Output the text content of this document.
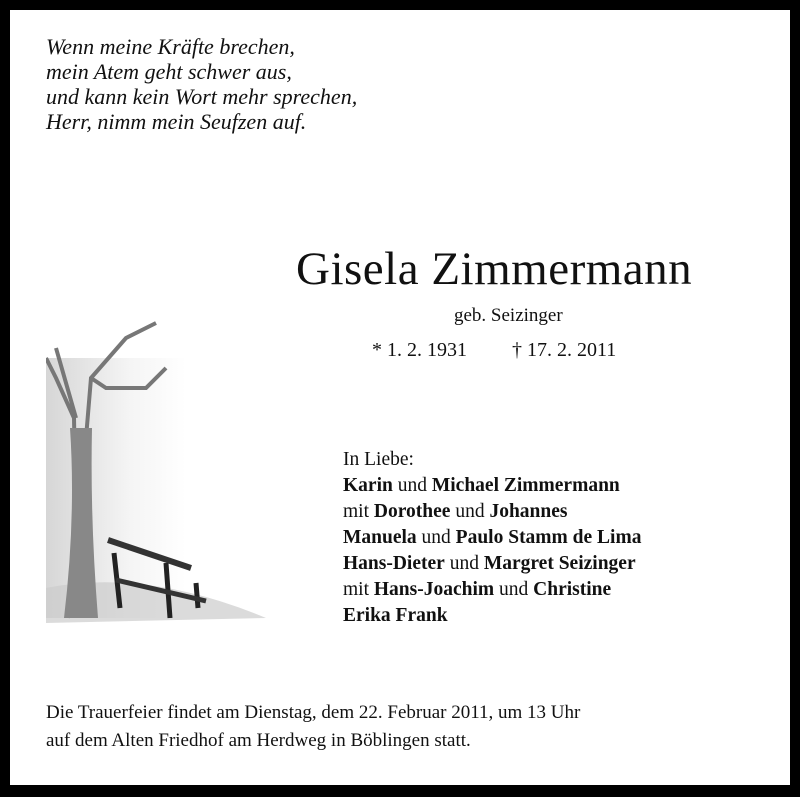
Wenn meine Kräfte brechen,
mein Atem geht schwer aus,
und kann kein Wort mehr sprechen,
Herr, nimm mein Seufzen auf.
Gisela Zimmermann
geb. Seizinger
* 1. 2. 1931 † 17. 2. 2011
In Liebe:
Karin und Michael Zimmermann
mit Dorothee und Johannes
Manuela und Paulo Stamm de Lima
Hans-Dieter und Margret Seizinger
mit Hans-Joachim und Christine
Erika Frank
Die Trauerfeier findet am Dienstag, dem 22. Februar 2011, um 13 Uhr
auf dem Alten Friedhof am Herdweg in Böblingen statt.
